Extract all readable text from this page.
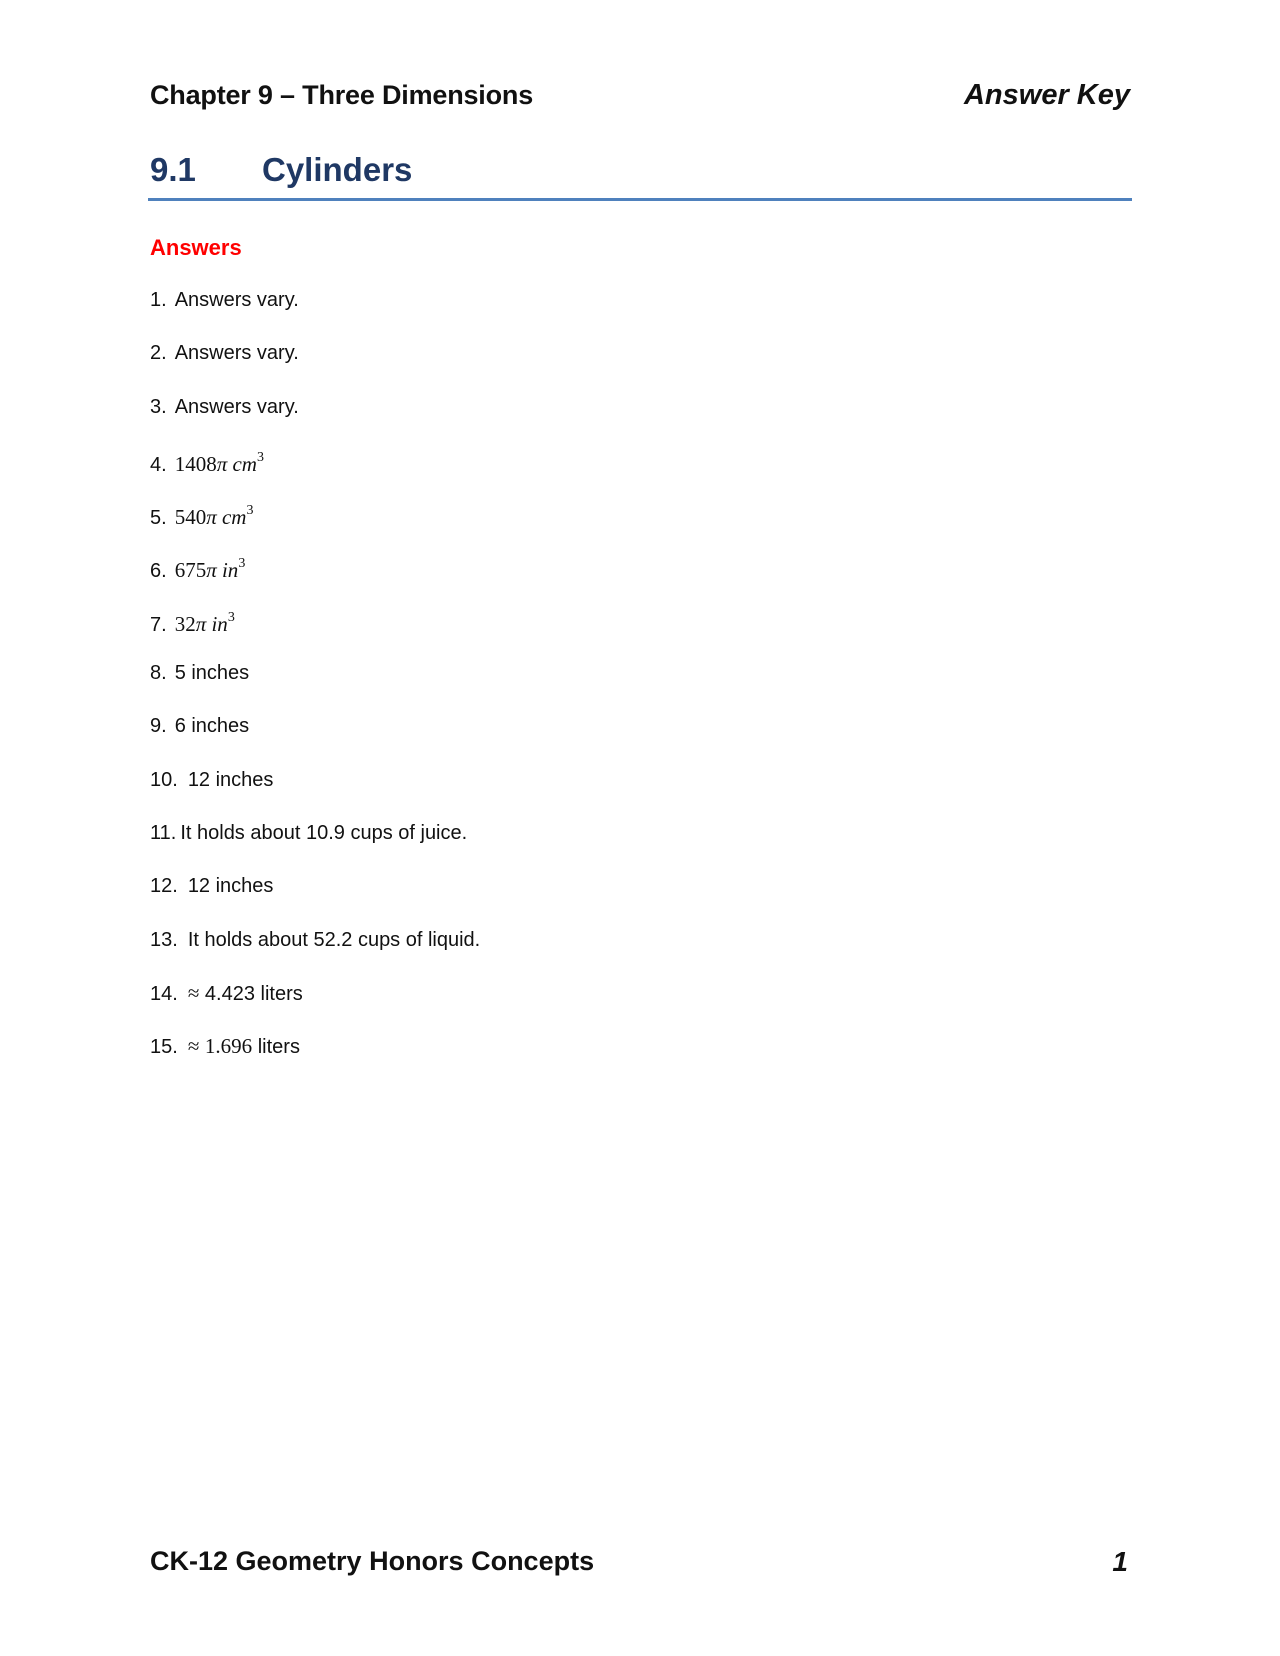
Chapter 9 – Three Dimensions	Answer Key
9.1	Cylinders
Answers
1. Answers vary.
2. Answers vary.
3. Answers vary.
4. 1408π $cm^3$
5. 540π $cm^3$
6. 675π $in^3$
7. 32π $in^3$
8. 5 inches
9. 6 inches
10. 12 inches
11. It holds about 10.9 cups of juice.
12. 12 inches
13. It holds about 52.2 cups of liquid.
14. ≈ 4.423 liters
15. ≈ 1.696 liters
CK-12 Geometry Honors Concepts	1
